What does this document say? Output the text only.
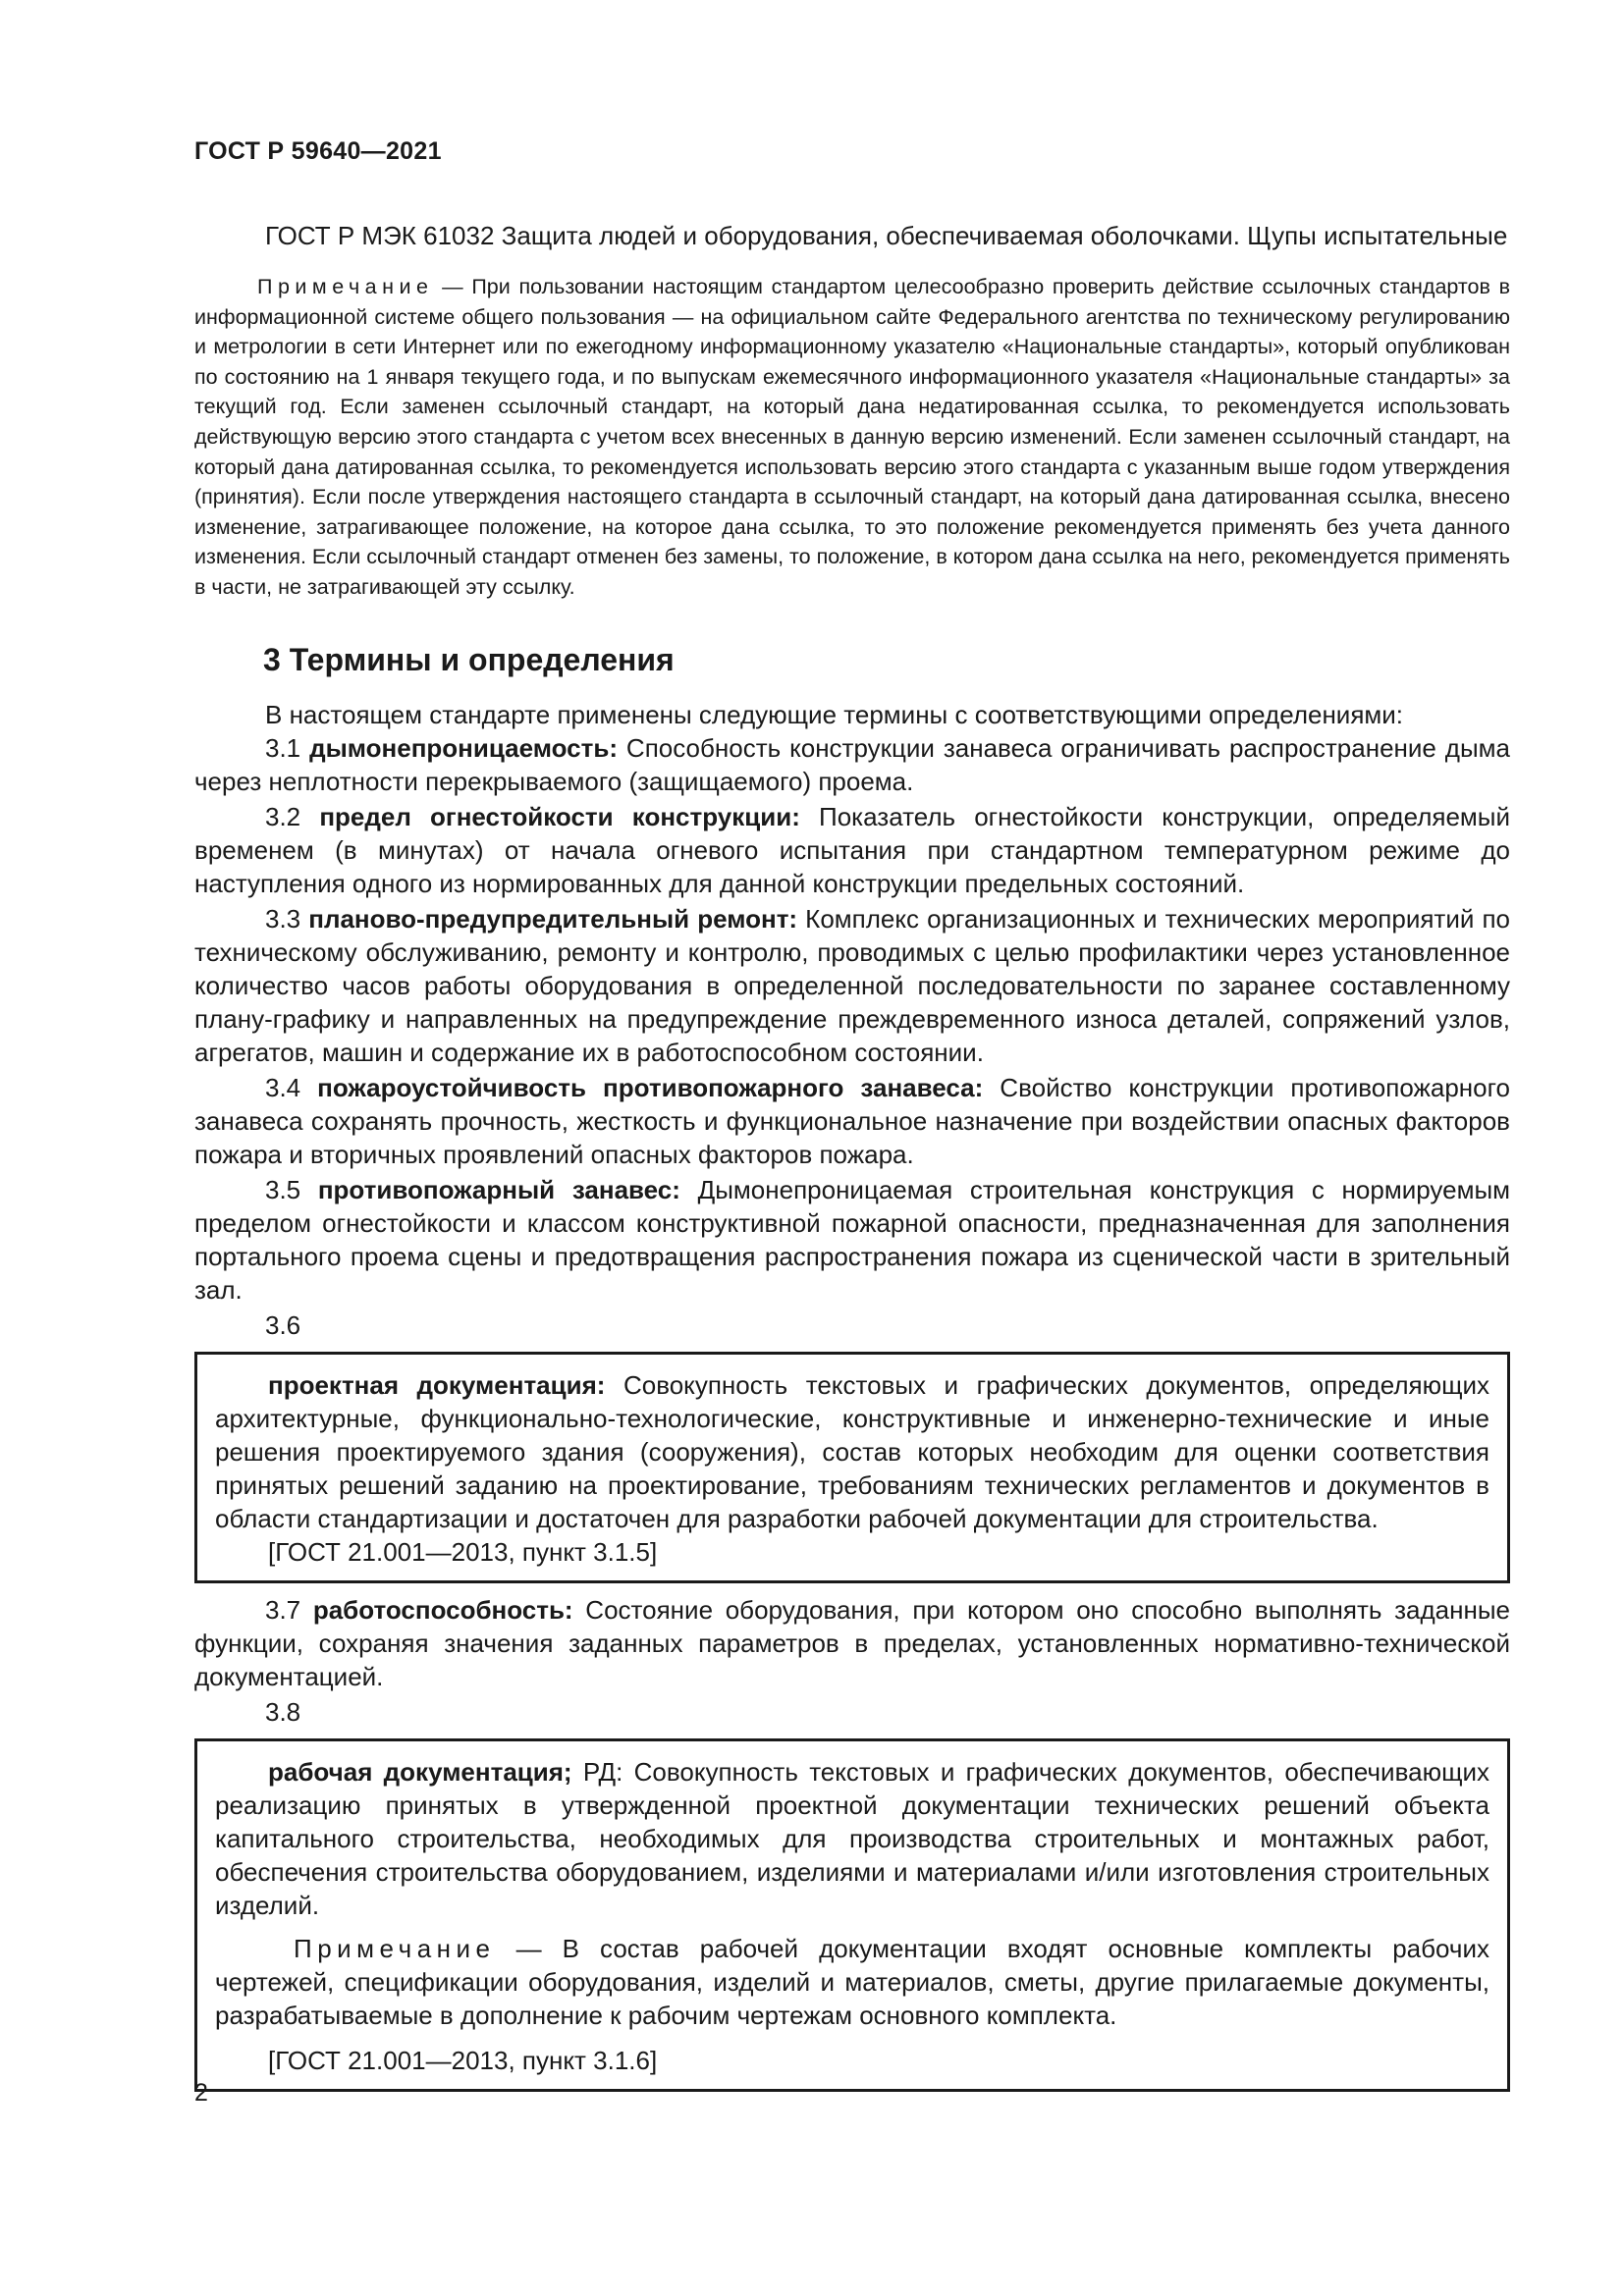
ГОСТ Р 59640—2021

ГОСТ Р МЭК 61032 Защита людей и оборудования, обеспечиваемая оболочками. Щупы испытательные

Примечание — При пользовании настоящим стандартом целесообразно проверить действие ссылочных стандартов в информационной системе общего пользования — на официальном сайте Федерального агентства по техническому регулированию и метрологии в сети Интернет или по ежегодному информационному указателю «Национальные стандарты», который опубликован по состоянию на 1 января текущего года, и по выпускам ежемесячного информационного указателя «Национальные стандарты» за текущий год. Если заменен ссылочный стандарт, на который дана недатированная ссылка, то рекомендуется использовать действующую версию этого стандарта с учетом всех внесенных в данную версию изменений. Если заменен ссылочный стандарт, на который дана датированная ссылка, то рекомендуется использовать версию этого стандарта с указанным выше годом утверждения (принятия). Если после утверждения настоящего стандарта в ссылочный стандарт, на который дана датированная ссылка, внесено изменение, затрагивающее положение, на которое дана ссылка, то это положение рекомендуется применять без учета данного изменения. Если ссылочный стандарт отменен без замены, то положение, в котором дана ссылка на него, рекомендуется применять в части, не затрагивающей эту ссылку.

3 Термины и определения

В настоящем стандарте применены следующие термины с соответствующими определениями:

3.1 дымонепроницаемость: Способность конструкции занавеса ограничивать распространение дыма через неплотности перекрываемого (защищаемого) проема.

3.2 предел огнестойкости конструкции: Показатель огнестойкости конструкции, определяемый временем (в минутах) от начала огневого испытания при стандартном температурном режиме до наступления одного из нормированных для данной конструкции предельных состояний.

3.3 планово-предупредительный ремонт: Комплекс организационных и технических мероприятий по техническому обслуживанию, ремонту и контролю, проводимых с целью профилактики через установленное количество часов работы оборудования в определенной последовательности по заранее составленному плану-графику и направленных на предупреждение преждевременного износа деталей, сопряжений узлов, агрегатов, машин и содержание их в работоспособном состоянии.

3.4 пожароустойчивость противопожарного занавеса: Свойство конструкции противопожарного занавеса сохранять прочность, жесткость и функциональное назначение при воздействии опасных факторов пожара и вторичных проявлений опасных факторов пожара.

3.5 противопожарный занавес: Дымонепроницаемая строительная конструкция с нормируемым пределом огнестойкости и классом конструктивной пожарной опасности, предназначенная для заполнения портального проема сцены и предотвращения распространения пожара из сценической части в зрительный зал.

3.6

проектная документация: Совокупность текстовых и графических документов, определяющих архитектурные, функционально-технологические, конструктивные и инженерно-технические и иные решения проектируемого здания (сооружения), состав которых необходим для оценки соответствия принятых решений заданию на проектирование, требованиям технических регламентов и документов в области стандартизации и достаточен для разработки рабочей документации для строительства.

[ГОСТ 21.001—2013, пункт 3.1.5]

3.7 работоспособность: Состояние оборудования, при котором оно способно выполнять заданные функции, сохраняя значения заданных параметров в пределах, установленных нормативно-технической документацией.

3.8

рабочая документация; РД: Совокупность текстовых и графических документов, обеспечивающих реализацию принятых в утвержденной проектной документации технических решений объекта капитального строительства, необходимых для производства строительных и монтажных работ, обеспечения строительства оборудованием, изделиями и материалами и/или изготовления строительных изделий.

Примечание — В состав рабочей документации входят основные комплекты рабочих чертежей, спецификации оборудования, изделий и материалов, сметы, другие прилагаемые документы, разрабатываемые в дополнение к рабочим чертежам основного комплекта.

[ГОСТ 21.001—2013, пункт 3.1.6]

2
